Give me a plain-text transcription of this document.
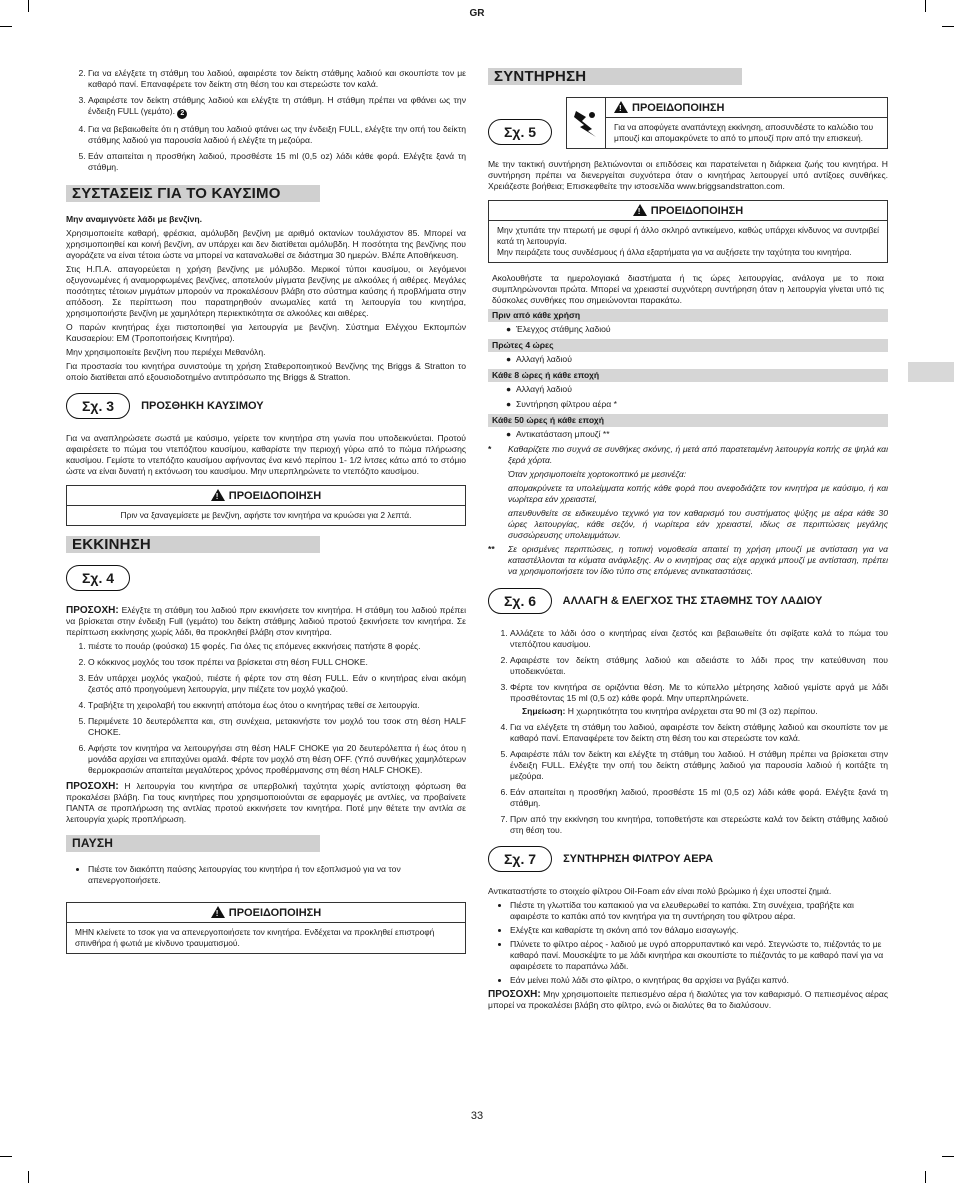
GR
2. Για να ελέγξετε τη στάθμη του λαδιού, αφαιρέστε τον δείκτη στάθμης λαδιού και σκουπίστε τον με καθαρό πανί. Επαναφέρετε τον δείκτη στη θέση του και στερεώστε τον καλά.
3. Αφαιρέστε τον δείκτη στάθμης λαδιού και ελέγξτε τη στάθμη. Η στάθμη πρέπει να φθάνει ως την ένδειξη FULL (γεμάτο). 2
4. Για να βεβαιωθείτε ότι η στάθμη του λαδιού φτάνει ως την ένδειξη FULL, ελέγξτε την οπή του δείκτη στάθμης λαδιού για παρουσία λαδιού ή ελέγξτε τη μεζούρα.
5. Εάν απαιτείται η προσθήκη λαδιού, προσθέστε 15 ml (0,5 oz) λάδι κάθε φορά. Ελέγξτε ξανά τη στάθμη.
ΣΥΣΤΑΣΕΙΣ ΓΙΑ ΤΟ ΚΑΥΣΙΜΟ

Μην αναμιγνύετε λάδι με βενζίνη.

Χρησιμοποιείτε καθαρή, φρέσκια, αμόλυβδη βενζίνη με αριθμό οκτανίων τουλάχιστον 85. Μπορεί να χρησιμοποιηθεί και κοινή βενζίνη, αν υπάρχει και δεν διατίθεται αμόλυβδη. Η ποσότητα της βενζίνης που αγοράζετε να είναι τέτοια ώστε να μπορεί να καταναλωθεί σε διάστημα 30 ημερών. Βλέπε Αποθήκευση.

Στις Η.Π.Α. απαγορεύεται η χρήση βενζίνης με μόλυβδο. Μερικοί τύποι καυσίμου, οι λεγόμενοι οξυγονωμένες ή αναμορφωμένες βενζίνες, αποτελούν μίγματα βενζίνης με αλκοόλες ή αιθέρες. Μεγάλες ποσότητες τέτοιων μιγμάτων μπορούν να προκαλέσουν βλάβη στο σύστημα καύσης ή προβλήματα στην απόδοση. Σε περίπτωση που παρατηρηθούν ανωμαλίες κατά τη λειτουργία του κινητήρα, χρησιμοποιήστε βενζίνη με χαμηλότερη περιεκτικότητα σε αλκοόλες και αιθέρες.

Ο παρών κινητήρας έχει πιστοποιηθεί για λειτουργία με βενζίνη. Σύστημα Ελέγχου Εκπομπών Καυσαερίου: EM (Τροποποιήσεις Κινητήρα).

Μην χρησιμοποιείτε βενζίνη που περιέχει Μεθανόλη.

Για προστασία του κινητήρα συνιστούμε τη χρήση Σταθεροποιητικού Βενζίνης της Briggs & Stratton το οποίο διατίθεται από εξουσιοδοτημένο αντιπρόσωπο της Briggs & Stratton.

Σχ. 3 ΠΡΟΣΘΗΚΗ ΚΑΥΣΙΜΟΥ

Για να αναπληρώσετε σωστά με καύσιμο, γείρετε τον κινητήρα στη γωνία που υποδεικνύεται. Προτού αφαιρέσετε το πώμα του ντεπόζιτου καυσίμου, καθαρίστε την περιοχή γύρω από το πώμα πλήρωσης καυσίμου. Γεμίστε το ντεπόζιτο καυσίμου αφήνοντας ένα κενό περίπου 1- 1/2 ίντσες κάτω από το στόμιο ώστε να είναι δυνατή η εκτόνωση του καυσίμου. Μην υπερπληρώνετε το ντεπόζιτο καυσίμου.

!ΠΡΟΕΙΔΟΠΟΙΗΣΗ
Πριν να ξαναγεμίσετε με βενζίνη, αφήστε τον κινητήρα να κρυώσει για 2 λεπτά.
ΕΚΚΙΝΗΣΗ
Σχ. 4

ΠΡΟΣΟΧΗ: Ελέγξτε τη στάθμη του λαδιού πριν εκκινήσετε τον κινητήρα. Η στάθμη του λαδιού πρέπει να βρίσκεται στην ένδειξη Full (γεμάτο) του δείκτη στάθμης λαδιού προτού ξεκινήσετε τον κινητήρα. Σε περίπτωση εκκίνησης χωρίς λάδι, θα προκληθεί βλάβη στον κινητήρα.

1. πιέστε τo πουάρ (φούσκα) 15 φορές. Για όλες τις επόμενες εκκινήσεις πατήστε 8 φορές.
2. Ο κόκκινος μοχλός του τσοκ πρέπει να βρίσκεται στη θέση FULL CHOKE.
3. Εάν υπάρχει μοχλός γκαζιού, πιέστε ή φέρτε τον στη θέση FULL. Εάν ο κινητήρας είναι ακόμη ζεστός από προηγούμενη λειτουργία, μην πιέζετε τον μοχλό γκαζιού.
4. Τραβήξτε τη χειρολαβή του εκκινητή απότομα έως ότου ο κινητήρας τεθεί σε λειτουργία.
5. Περιμένετε 10 δευτερόλεπτα και, στη συνέχεια, μετακινήστε τον μοχλό του τσοκ στη θέση HALF CHOKE.
6. Αφήστε τον κινητήρα να λειτουργήσει στη θέση HALF CHOKE για 20 δευτερόλεπτα ή έως ότου η μονάδα αρχίσει να επιταχύνει ομαλά. Φέρτε τον μοχλό στη θέση OFF. (Υπό συνθήκες χαμηλότερων θερμοκρασιών απαιτείται μεγαλύτερος χρόνος προθέρμανσης στη θέση HALF CHOKE).

ΠΡΟΣΟΧΗ: Η λειτουργία του κινητήρα σε υπερβολική ταχύτητα χωρίς αντίστοιχη φόρτωση θα προκαλέσει βλάβη. Για τους κινητήρες που χρησιμοποιούνται σε εφαρμογές με αντλίες, να προβαίνετε ΠΑΝΤΑ σε προπλήρωση της αντλίας προτού εκκινήσετε τον κινητήρα. Ποτέ μην θέτετε την αντλία σε λειτουργία χωρίς προπλήρωση.

ΠΑΥΣΗ
• Πιέστε τον διακόπτη παύσης λειτουργίας του κινητήρα ή τον εξοπλισμού για να τον απενεργοποιήσετε.
!ΠΡΟΕΙΔΟΠΟΙΗΣΗ
ΜΗΝ κλείνετε το τσοκ για να απενεργοποιήσετε τον κινητήρα. Ενδέχεται να προκληθεί επιστροφή σπινθήρα ή φωτιά με κίνδυνο τραυματισμού.
ΣΥΝΤΗΡΗΣΗ
Σχ. 5
!ΠΡΟΕΙΔΟΠΟΙΗΣΗ
Για να αποφύγετε αναπάντεχη εκκίνηση, αποσυνδέστε το καλώδιο του μπουζί και απομακρύνετε το από το μπουζί πριν από την επισκευή.

Με την τακτική συντήρηση βελτιώνονται οι επιδόσεις και παρατείνεται η διάρκεια ζωής του κινητήρα. Η συντήρηση πρέπει να διενεργείται συχνότερα όταν ο κινητήρας λειτουργεί υπό αντίξοες συνθήκες. Χρειάζεστε βοήθεια; Επισκεφθείτε την ιστοσελίδα www.briggsandstratton.com.

!ΠΡΟΕΙΔΟΠΟΙΗΣΗ
Μην χτυπάτε την πτερωτή με σφυρί ή άλλο σκληρό αντικείμενο, καθώς υπάρχει κίνδυνος να συντριβεί κατά τη λειτουργία.
Μην πειράζετε τους συνδέσμους ή άλλα εξαρτήματα για να αυξήσετε την ταχύτητα του κινητήρα.

Ακολουθήστε τα ημερολογιακά διαστήματα ή τις ώρες λειτουργίας, ανάλογα με το ποια συμπληρώνονται πρώτα. Μπορεί να χρειαστεί συχνότερη συντήρηση όταν η λειτουργία γίνεται υπό τις δύσκολες συνθήκες που σημειώνονται παρακάτω.

Πριν από κάθε χρήση
●  Έλεγχος στάθμης λαδιού
Πρώτες 4 ώρες
●  Αλλαγή λαδιού
Κάθε 8 ώρες ή κάθε εποχή
●  Αλλαγή λαδιού
●  Συντήρηση φίλτρου αέρα *
Κάθε 50 ώρες ή κάθε εποχή
●  Αντικατάσταση μπουζί **
*	Καθαρίζετε πιο συχνά σε συνθήκες σκόνης, ή μετά από παρατεταμένη λειτουργία κοπής σε ψηλά και ξερά χόρτα.

Όταν χρησιμοποιείτε χορτοκοπτικό με μεσινέζα:

απομακρύνετε τα υπολείμματα κοπής κάθε φορά που ανεφοδιάζετε τον κινητήρα με καύσιμο, ή και νωρίτερα εάν χρειαστεί,

απευθυνθείτε σε ειδικευμένο τεχνικό για τον καθαρισμό του συστήματος ψύξης με αέρα κάθε 30 ώρες λειτουργίας, κάθε σεζόν, ή νωρίτερα εάν χρειαστεί, ιδίως σε περιπτώσεις μεγάλης συσσώρευσης υπολειμμάτων.

**	Σε ορισμένες περιπτώσεις, η τοπική νομοθεσία απαιτεί τη χρήση μπουζί με αντίσταση για να καταστέλλονται τα κύματα ανάφλεξης. Αν ο κινητήρας σας είχε αρχικά μπουζί με αντίσταση, πρέπει να χρησιμοποιήσετε τον ίδιο τύπο στις επόμενες αντικαταστάσεις.

Σχ. 6 ΑΛΛΑΓΗ & ΕΛΕΓΧΟΣ ΤΗΣ ΣΤΑΘΜΗΣ ΤΟΥ ΛΑΔΙΟΥ
1. Αλλάζετε το λάδι όσο ο κινητήρας είναι ζεστός και βεβαιωθείτε ότι σφίξατε καλά το πώμα του ντεπόζιτου καυσίμου.
2. Αφαιρέστε τον δείκτη στάθμης λαδιού και αδειάστε το λάδι προς την κατεύθυνση που υποδεικνύεται.
3. Φέρτε τον κινητήρα σε οριζόντια θέση. Με το κύπελλο μέτρησης λαδιού γεμίστε αργά με λάδι προσθέτοντας 15 ml (0,5 oz) κάθε φορά. Μην υπερπληρώνετε.
Σημείωση: Η χωρητικότητα του κινητήρα ανέρχεται στα 90 ml (3 oz) περίπου.
4. Για να ελέγξετε τη στάθμη του λαδιού, αφαιρέστε τον δείκτη στάθμης λαδιού και σκουπίστε τον με καθαρό πανί. Επαναφέρετε τον δείκτη στη θέση του και στερεώστε τον καλά.
5. Αφαιρέστε πάλι τον δείκτη και ελέγξτε τη στάθμη του λαδιού. Η στάθμη πρέπει να βρίσκεται στην ένδειξη FULL. Ελέγξτε την οπή του δείκτη στάθμης λαδιού για παρουσία λαδιού ή κοιτάξτε τη μεζούρα.
6. Εάν απαιτείται η προσθήκη λαδιού, προσθέστε 15 ml (0,5 oz) λάδι κάθε φορά. Ελέγξτε ξανά τη στάθμη.
7. Πριν από την εκκίνηση του κινητήρα, τοποθετήστε και στερεώστε καλά τον δείκτη στάθμης λαδιού στη θέση του.
Σχ. 7 ΣΥΝΤΗΡΗΣΗ ΦΙΛΤΡΟΥ ΑΕΡΑ

Αντικαταστήστε το στοιχείο φίλτρου Oil-Foam εάν είναι πολύ βρώμικο ή έχει υποστεί ζημιά.

• Πιέστε τη γλωττίδα του καπακιού για να ελευθερωθεί το καπάκι. Στη συνέχεια, τραβήξτε και αφαιρέστε το καπάκι από τον κινητήρα για τη συντήρηση του φίλτρου αέρα.
• Ελέγξτε και καθαρίστε τη σκόνη από τον θάλαμο εισαγωγής.
• Πλύνετε το φίλτρο αέρος - λαδιού με υγρό απορρυπαντικό και νερό. Στεγνώστε το, πιέζοντάς το με καθαρό πανί. Μουσκέψτε το με λάδι κινητήρα και σκουπίστε το πιέζοντάς το με καθαρό πανί για να αφαιρέσετε το παραπάνω λάδι.
• Εάν μείνει πολύ λάδι στο φίλτρο, ο κινητήρας θα αρχίσει να βγάζει καπνό.

ΠΡΟΣΟΧΗ: Μην χρησιμοποιείτε πεπιεσμένο αέρα ή διαλύτες για τον καθαρισμό. Ο πεπιεσμένος αέρας μπορεί να προκαλέσει βλάβη στο φίλτρο, ενώ οι διαλύτες θα το διαλύσουν.

33
